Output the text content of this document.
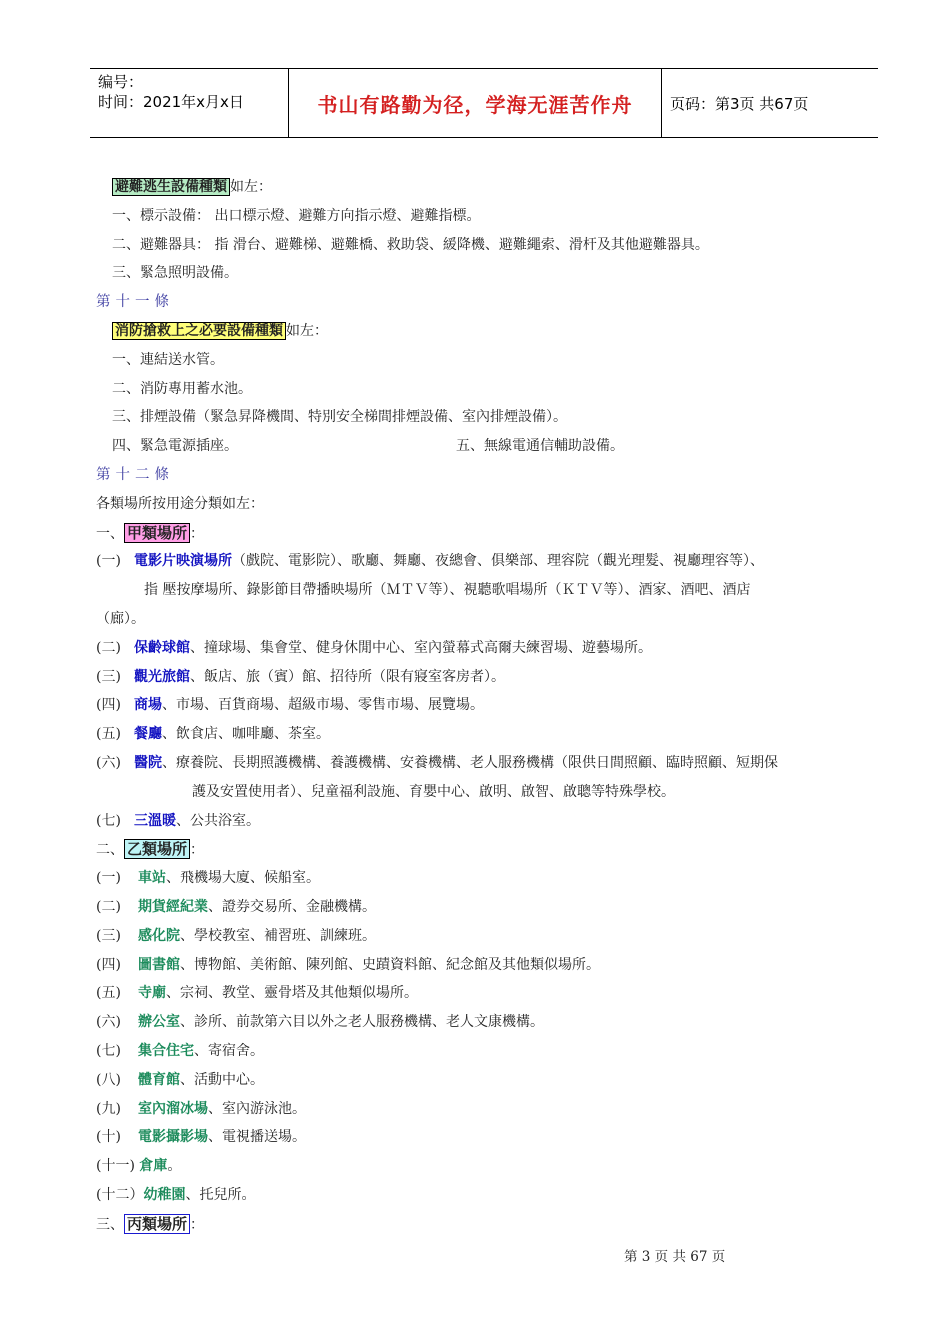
编号：
时间：2021年x月x日	书山有路勤为径，学海无涯苦作舟	页码：第3页 共67页
避難逃生設備種類 如左：
一、標示設備： 出口標示燈、避難方向指示燈、避難指標。
二、避難器具： 指 滑台、避難梯、避難橋、救助袋、緩降機、避難繩索、滑杆及其他避難器具。
三、緊急照明設備。
第十一條
消防搶救上之必要設備種類 如左：
一、連結送水管。
二、消防專用蓄水池。
三、排煙設備（緊急昇降機間、特別安全梯間排煙設備、室內排煙設備）。
四、緊急電源插座。	五、無線電通信輔助設備。
第十二條
各類場所按用途分類如左：
一、 甲類場所 ：
(一) 電影片映演場所（戲院、電影院）、歌廳、舞廳、夜總會、俱樂部、理容院（觀光理髮、視廳理容等）、
指 壓按摩場所、錄影節目帶播映場所（ＭＴＶ等）、視聽歌唱場所（ＫＴＶ等）、酒家、酒吧、酒店
（廊）。
(二) 保齡球館、撞球場、集會堂、健身休閒中心、室內螢幕式高爾夫練習場、遊藝場所。
(三) 觀光旅館、飯店、旅（賓）館、招待所（限有寢室客房者）。
(四) 商場、市場、百貨商場、超級市場、零售市場、展覽場。
(五) 餐廳、飲食店、咖啡廳、茶室。
(六) 醫院、療養院、長期照護機構、養護機構、安養機構、老人服務機構（限供日間照顧、臨時照顧、短期保
護及安置使用者）、兒童福利設施、育嬰中心、啟明、啟智、啟聰等特殊學校。
(七) 三溫暖、公共浴室。
二、 乙類場所 ：
(一) 車站、飛機場大廈、候船室。
(二) 期貨經紀業、證券交易所、金融機構。
(三) 感化院、學校教室、補習班、訓練班。
(四) 圖書館、博物館、美術館、陳列館、史蹟資料館、紀念館及其他類似場所。
(五) 寺廟、宗祠、教堂、靈骨塔及其他類似場所。
(六) 辦公室、診所、前款第六目以外之老人服務機構、老人文康機構。
(七) 集合住宅、寄宿舍。
(八) 體育館、活動中心。
(九) 室內溜冰場、室內游泳池。
(十) 電影攝影場、電視播送場。
(十一) 倉庫。
(十二）幼稚園、托兒所。
三、 丙類場所 ：
第 3 页 共 67 页
